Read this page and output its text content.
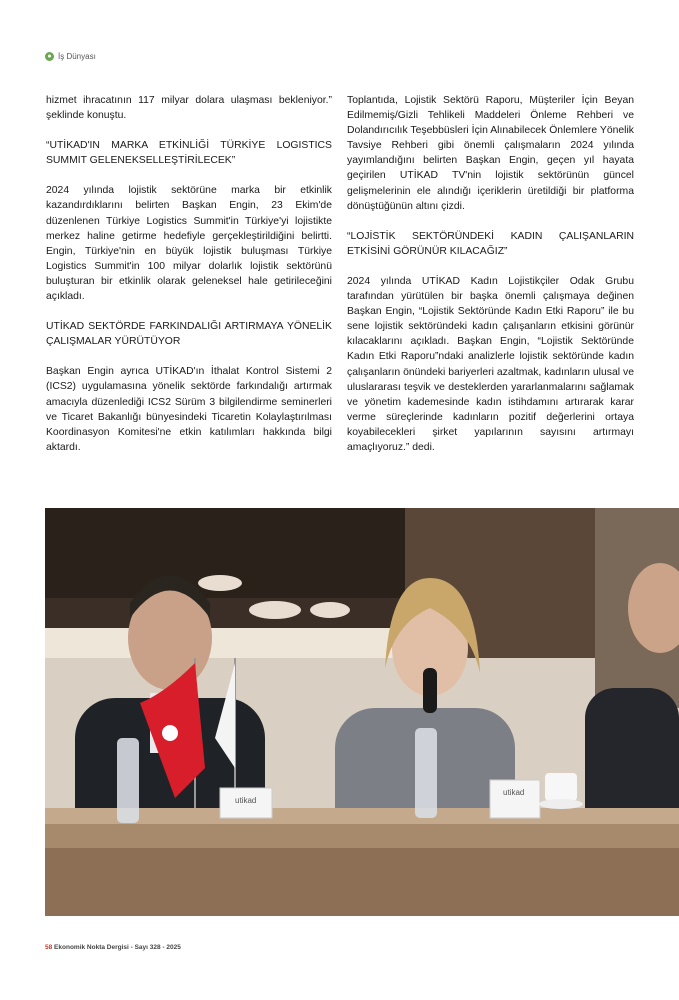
● İş Dünyası

hizmet ihracatının 117 milyar dolara ulaşması bekleniyor.” şeklinde konuştu.

“UTİKAD'IN MARKA ETKİNLİĞİ TÜRKİYE LOGISTICS SUMMIT GELENEKSELLEŞTİRİLECEK”

2024 yılında lojistik sektörüne marka bir etkinlik kazandırdıklarını belirten Başkan Engin, 23 Ekim'de düzenlenen Türkiye Logistics Summit'in Türkiye'yi lojistikte merkez haline getirme hedefiyle gerçekleştirildiğini belirtti. Engin, Türkiye'nin en büyük lojistik buluşması Türkiye Logistics Summit'in 100 milyar dolarlık lojistik sektörünü buluşturan bir etkinlik olarak geleneksel hale getirileceğini açıkladı.

UTİKAD SEKTÖRDE FARKINDALIĞI ARTIRMAYA YÖNELİK ÇALIŞMALAR YÜRÜTÜYOR

Başkan Engin ayrıca UTİKAD'ın İthalat Kontrol Sistemi 2 (ICS2) uygulamasına yönelik sektörde farkındalığı artırmak amacıyla düzenlediği ICS2 Sürüm 3 bilgilendirme seminerleri ve Ticaret Bakanlığı bünyesindeki Ticaretin Kolaylaştırılması Koordinasyon Komitesi'ne etkin katılımları hakkında bilgi aktardı.

Toplantıda, Lojistik Sektörü Raporu, Müşteriler İçin Beyan Edilmemiş/Gizli Tehlikeli Maddeleri Önleme Rehberi ve Dolandırıcılık Teşebbüsleri İçin Alınabilecek Önlemlere Yönelik Tavsiye Rehberi gibi önemli çalışmaların 2024 yılında yayımlandığını belirten Başkan Engin, geçen yıl hayata geçirilen UTİKAD TV'nin lojistik sektörünün güncel gelişmelerinin ele alındığı içeriklerin üretildiği bir platforma dönüştüğünün altını çizdi.

“LOJİSTİK SEKTÖRÜNDEKİ KADIN ÇALIŞANLARIN ETKİSİNİ GÖRÜNÜR KILACAĞIZ”

2024 yılında UTİKAD Kadın Lojistikçiler Odak Grubu tarafından yürütülen bir başka önemli çalışmaya değinen Başkan Engin, “Lojistik Sektöründe Kadın Etki Raporu” ile bu sene lojistik sektöründeki kadın çalışanların etkisini görünür kılacaklarını açıkladı. Başkan Engin, “Lojistik Sektöründe Kadın Etki Raporu”ndaki analizlerle lojistik sektöründe kadın çalışanların önündeki bariyerleri azaltmak, kadınların ulusal ve uluslararası teşvik ve desteklerden yararlanmalarını sağlamak ve yönetim kademesinde kadın istihdamını artırarak karar verme süreçlerinde kadınların pozitif değerlerini ortaya koyabilecekleri şirket yapılarının sayısını artırmayı amaçlıyoruz.” dedi.

utikad
utikad
58 Ekonomik Nokta Dergisi - Sayı 328 - 2025
